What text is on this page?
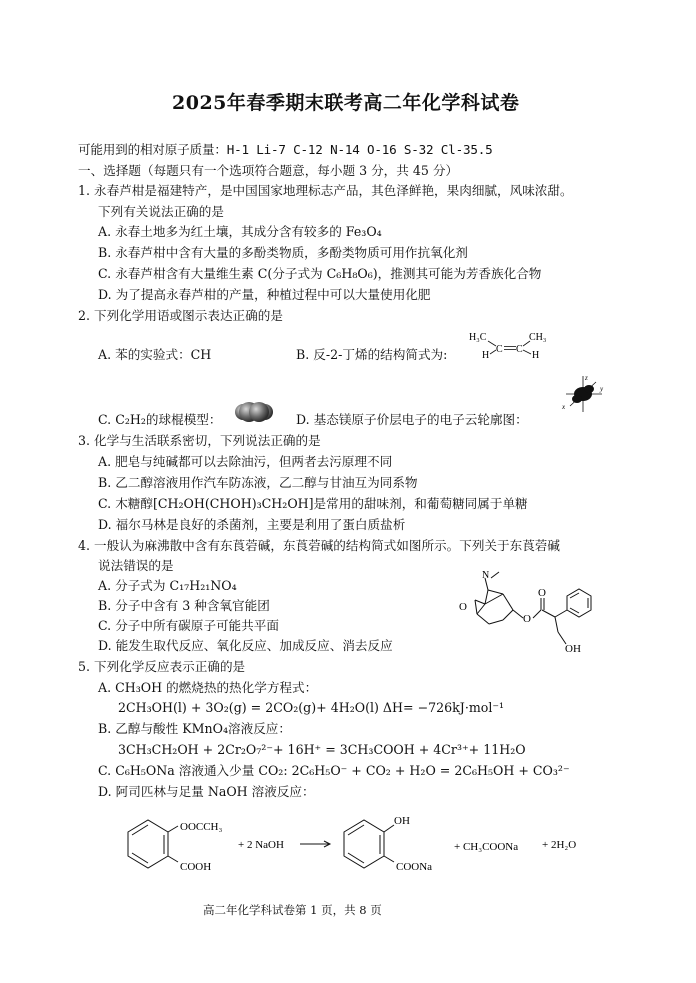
2025年春季期末联考高二年化学科试卷
可能用到的相对原子质量：H-1 Li-7 C-12 N-14 O-16 S-32 Cl-35.5
一、选择题（每题只有一个选项符合题意，每小题 3 分，共 45 分）
1. 永春芦柑是福建特产，是中国国家地理标志产品，其色泽鲜艳，果肉细腻，风味浓甜。
下列有关说法正确的是
A. 永春土地多为红土壤，其成分含有较多的 Fe₃O₄
B. 永春芦柑中含有大量的多酚类物质，多酚类物质可用作抗氧化剂
C. 永春芦柑含有大量维生素 C(分子式为 C₆H₈O₆)，推测其可能为芳香族化合物
D. 为了提高永春芦柑的产量，种植过程中可以大量使用化肥
2. 下列化学用语或图示表达正确的是
A. 苯的实验式：CH	B. 反-2-丁烯的结构简式为:
H₃C	CH₃
H	H
C C
z
x
y
C. C₂H₂的球棍模型：	D. 基态镁原子价层电子的电子云轮廓图：
3. 化学与生活联系密切，下列说法正确的是
A. 肥皂与纯碱都可以去除油污，但两者去污原理不同
B. 乙二醇溶液用作汽车防冻液，乙二醇与甘油互为同系物
C. 木糖醇[CH₂OH(CHOH)₃CH₂OH]是常用的甜味剂，和葡萄糖同属于单糖
D. 福尔马林是良好的杀菌剂，主要是利用了蛋白质盐析
4. 一般认为麻沸散中含有东莨菪碱，东莨菪碱的结构简式如图所示。下列关于东莨菪碱
说法错误的是
A. 分子式为 C₁₇H₂₁NO₄
B. 分子中含有 3 种含氧官能团
C. 分子中所有碳原子可能共平面
D. 能发生取代反应、氧化反应、加成反应、消去反应
N
O
O
O
OH
5. 下列化学反应表示正确的是
A. CH₃OH 的燃烧热的热化学方程式：
2CH₃OH(l) + 3O₂(g) = 2CO₂(g)+ 4H₂O(l) ΔH= −726kJ·mol⁻¹
B. 乙醇与酸性 KMnO₄溶液反应：
3CH₃CH₂OH + 2Cr₂O₇²⁻+ 16H⁺ = 3CH₃COOH + 4Cr³⁺+ 11H₂O
C. C₆H₅ONa 溶液通入少量 CO₂: 2C₆H₅O⁻ + CO₂ + H₂O = 2C₆H₅OH + CO₃²⁻
D. 阿司匹林与足量 NaOH 溶液反应：
OOCCH₃
COOH
+ 2 NaOH
OH
COONa
+ CH₃COONa + 2H₂O
高二年化学科试卷第 1 页，共 8 页
